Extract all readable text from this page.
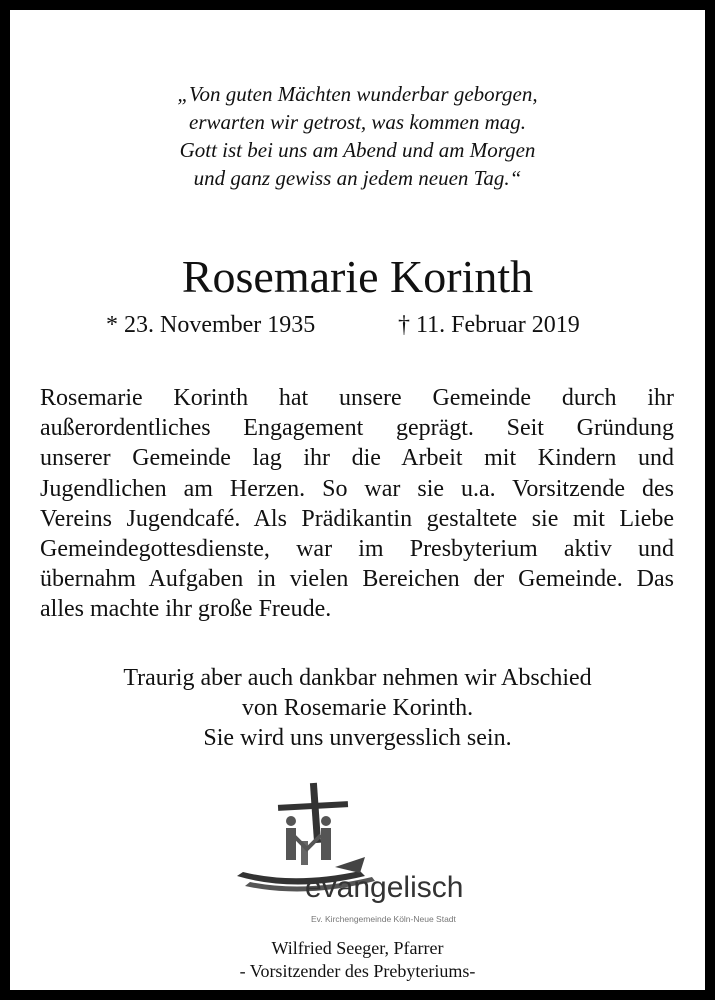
„Von guten Mächten wunderbar geborgen,
erwarten wir getrost, was kommen mag.
Gott ist bei uns am Abend und am Morgen
und ganz gewiss an jedem neuen Tag.“
Rosemarie Korinth
* 23. November 1935	† 11. Februar 2019
Rosemarie Korinth hat unsere Gemeinde durch ihr
außerordentliches Engagement geprägt. Seit Gründung
unserer Gemeinde lag ihr die Arbeit mit Kindern und
Jugendlichen am Herzen. So war sie u.a. Vorsitzende des
Vereins Jugendcafé. Als Prädikantin gestaltete sie mit Liebe
Gemeindegottesdienste, war im Presbyterium aktiv und
übernahm Aufgaben in vielen Bereichen der Gemeinde. Das
alles machte ihr große Freude.
Traurig aber auch dankbar nehmen wir Abschied
von Rosemarie Korinth.
Sie wird uns unvergesslich sein.
evangelisch
Ev. Kirchengemeinde Köln-Neue Stadt
Wilfried Seeger, Pfarrer
- Vorsitzender des Prebyteriums-
